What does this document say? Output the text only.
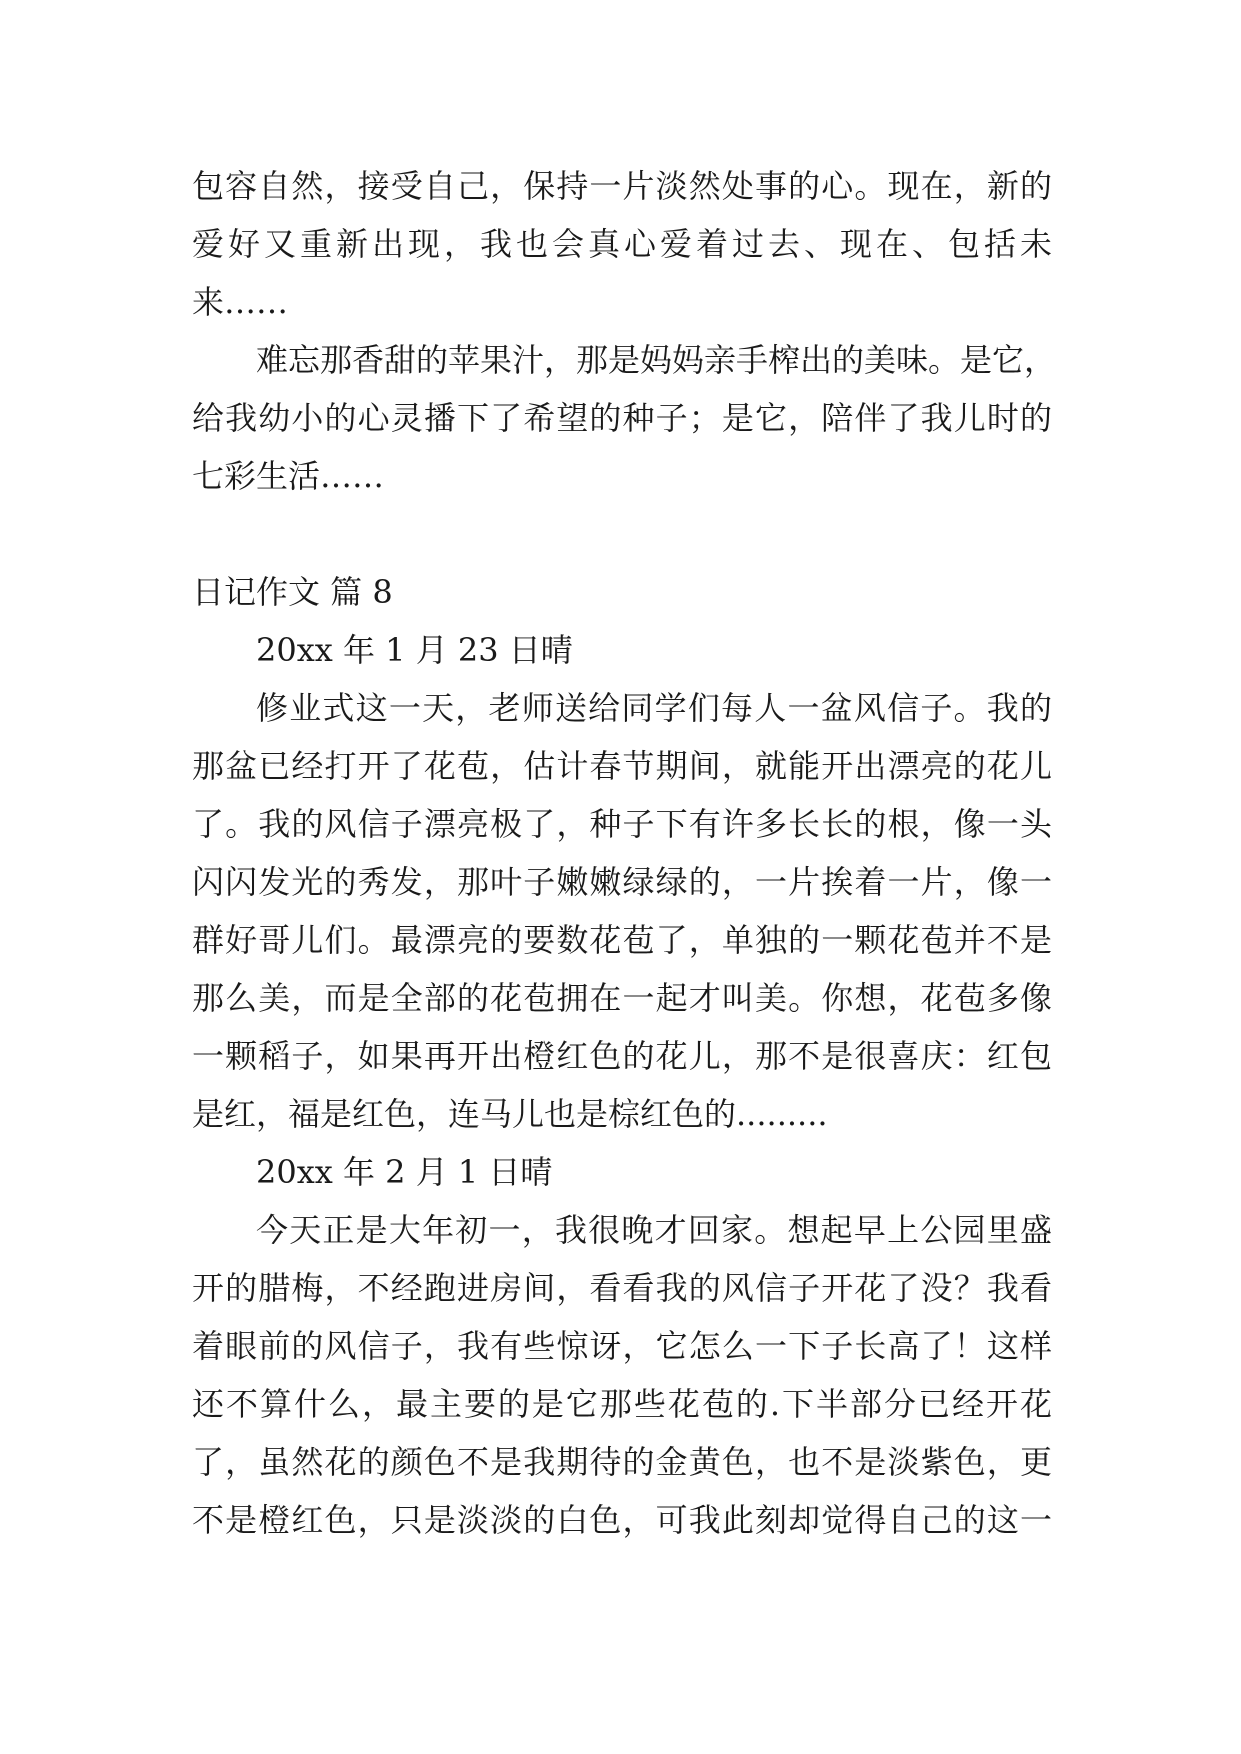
包容自然，接受自己，保持一片淡然处事的心。现在，新的
爱好又重新出现，我也会真心爱着过去、现在、包括未
来……
难忘那香甜的苹果汁，那是妈妈亲手榨出的美味。是它，
给我幼小的心灵播下了希望的种子；是它，陪伴了我儿时的
七彩生活……
日记作文 篇 8
20xx 年 1 月 23 日晴
修业式这一天，老师送给同学们每人一盆风信子。我的
那盆已经打开了花苞，估计春节期间，就能开出漂亮的花儿
了。我的风信子漂亮极了，种子下有许多长长的根，像一头
闪闪发光的秀发，那叶子嫩嫩绿绿的，一片挨着一片，像一
群好哥儿们。最漂亮的要数花苞了，单独的一颗花苞并不是
那么美，而是全部的花苞拥在一起才叫美。你想，花苞多像
一颗稻子，如果再开出橙红色的花儿，那不是很喜庆：红包
是红，福是红色，连马儿也是棕红色的.........
20xx 年 2 月 1 日晴
今天正是大年初一，我很晚才回家。想起早上公园里盛
开的腊梅，不经跑进房间，看看我的风信子开花了没？我看
着眼前的风信子，我有些惊讶，它怎么一下子长高了！这样
还不算什么，最主要的是它那些花苞的.下半部分已经开花
了，虽然花的颜色不是我期待的金黄色，也不是淡紫色，更
不是橙红色，只是淡淡的白色，可我此刻却觉得自己的这一
